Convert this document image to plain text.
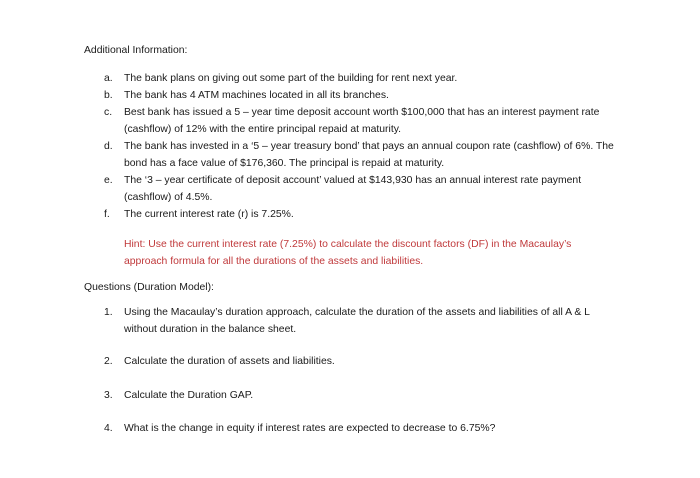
Additional Information:
a.	The bank plans on giving out some part of the building for rent next year.
b.	The bank has 4 ATM machines located in all its branches.
c.	Best bank has issued a 5 – year time deposit account worth $100,000 that has an interest payment rate (cashflow) of 12% with the entire principal repaid at maturity.
d.	The bank has invested in a ‘5 – year treasury bond’ that pays an annual coupon rate (cashflow) of 6%. The bond has a face value of $176,360. The principal is repaid at maturity.
e.	The ‘3 – year certificate of deposit account’ valued at $143,930 has an annual interest rate payment (cashflow) of 4.5%.
f.	The current interest rate (r) is 7.25%.
Hint: Use the current interest rate (7.25%) to calculate the discount factors (DF) in the Macaulay’s approach formula for all the durations of the assets and liabilities.
Questions (Duration Model):
1.	Using the Macaulay’s duration approach, calculate the duration of the assets and liabilities of all A & L without duration in the balance sheet.
2.	Calculate the duration of assets and liabilities.
3.	Calculate the Duration GAP.
4.	What is the change in equity if interest rates are expected to decrease to 6.75%?
